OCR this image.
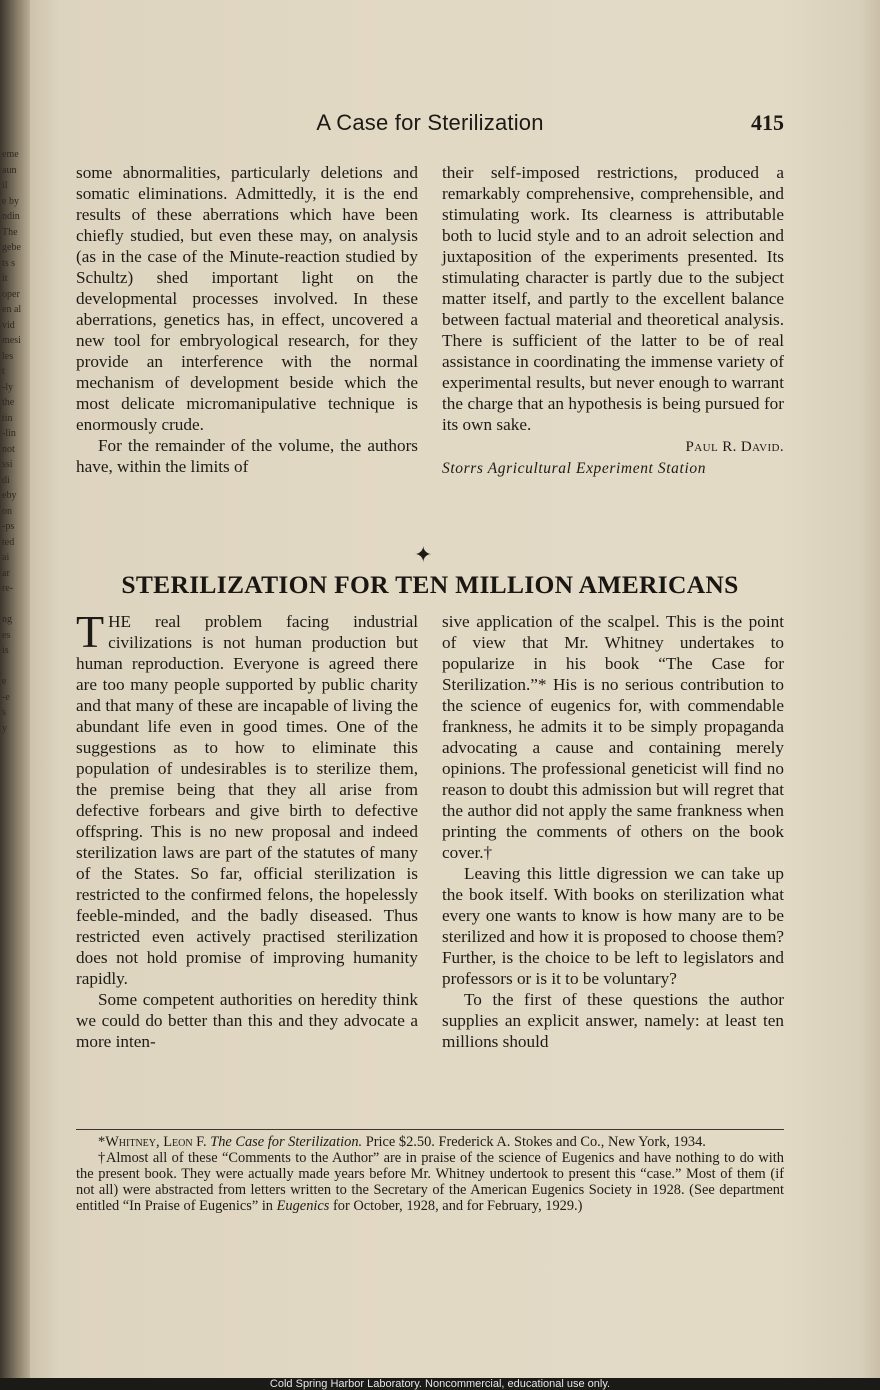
eme
aun
il
e by
ndin
The
gebe
ts s
it
oper
en al
vid
mesi
les
t
-ly
the
tin
-lin
not
ssi
di
eby
on
-ps
ted
ai
ar
re-
ng
es
is
e
-e
s
y
A Case for Sterilization	415

some abnormalities, particularly deletions and somatic eliminations. Admittedly, it is the end results of these aberrations which have been chiefly studied, but even these may, on analysis (as in the case of the Minute-reaction studied by Schultz) shed important light on the developmental processes involved. In these aberrations, genetics has, in effect, uncovered a new tool for embryological research, for they provide an interference with the normal mechanism of development beside which the most delicate micromanipulative technique is enormously crude.

For the remainder of the volume, the authors have, within the limits of

their self-imposed restrictions, produced a remarkably comprehensive, comprehensible, and stimulating work. Its clearness is attributable both to lucid style and to an adroit selection and juxtaposition of the experiments presented. Its stimulating character is partly due to the subject matter itself, and partly to the excellent balance between factual material and theoretical analysis. There is sufficient of the latter to be of real assistance in coordinating the immense variety of experimental results, but never enough to warrant the charge that an hypothesis is being pursued for its own sake.

Paul R. David.

Storrs Agricultural Experiment Station

✦
STERILIZATION FOR TEN MILLION AMERICANS

THE real problem facing industrial civilizations is not human production but human reproduction. Everyone is agreed there are too many people supported by public charity and that many of these are incapable of living the abundant life even in good times. One of the suggestions as to how to eliminate this population of undesirables is to sterilize them, the premise being that they all arise from defective forbears and give birth to defective offspring. This is no new proposal and indeed sterilization laws are part of the statutes of many of the States. So far, official sterilization is restricted to the confirmed felons, the hopelessly feeble-minded, and the badly diseased. Thus restricted even actively practised sterilization does not hold promise of improving humanity rapidly.

Some competent authorities on heredity think we could do better than this and they advocate a more inten-

sive application of the scalpel. This is the point of view that Mr. Whitney undertakes to popularize in his book “The Case for Sterilization.”* His is no serious contribution to the science of eugenics for, with commendable frankness, he admits it to be simply propaganda advocating a cause and containing merely opinions. The professional geneticist will find no reason to doubt this admission but will regret that the author did not apply the same frankness when printing the comments of others on the book cover.†

Leaving this little digression we can take up the book itself. With books on sterilization what every one wants to know is how many are to be sterilized and how it is proposed to choose them? Further, is the choice to be left to legislators and professors or is it to be voluntary?

To the first of these questions the author supplies an explicit answer, namely: at least ten millions should

*Whitney, Leon F. The Case for Sterilization. Price $2.50. Frederick A. Stokes and Co., New York, 1934.

†Almost all of these “Comments to the Author” are in praise of the science of Eugenics and have nothing to do with the present book. They were actually made years before Mr. Whitney undertook to present this “case.” Most of them (if not all) were abstracted from letters written to the Secretary of the American Eugenics Society in 1928. (See department entitled “In Praise of Eugenics” in Eugenics for October, 1928, and for February, 1929.)

Cold Spring Harbor Laboratory. Noncommercial, educational use only.
